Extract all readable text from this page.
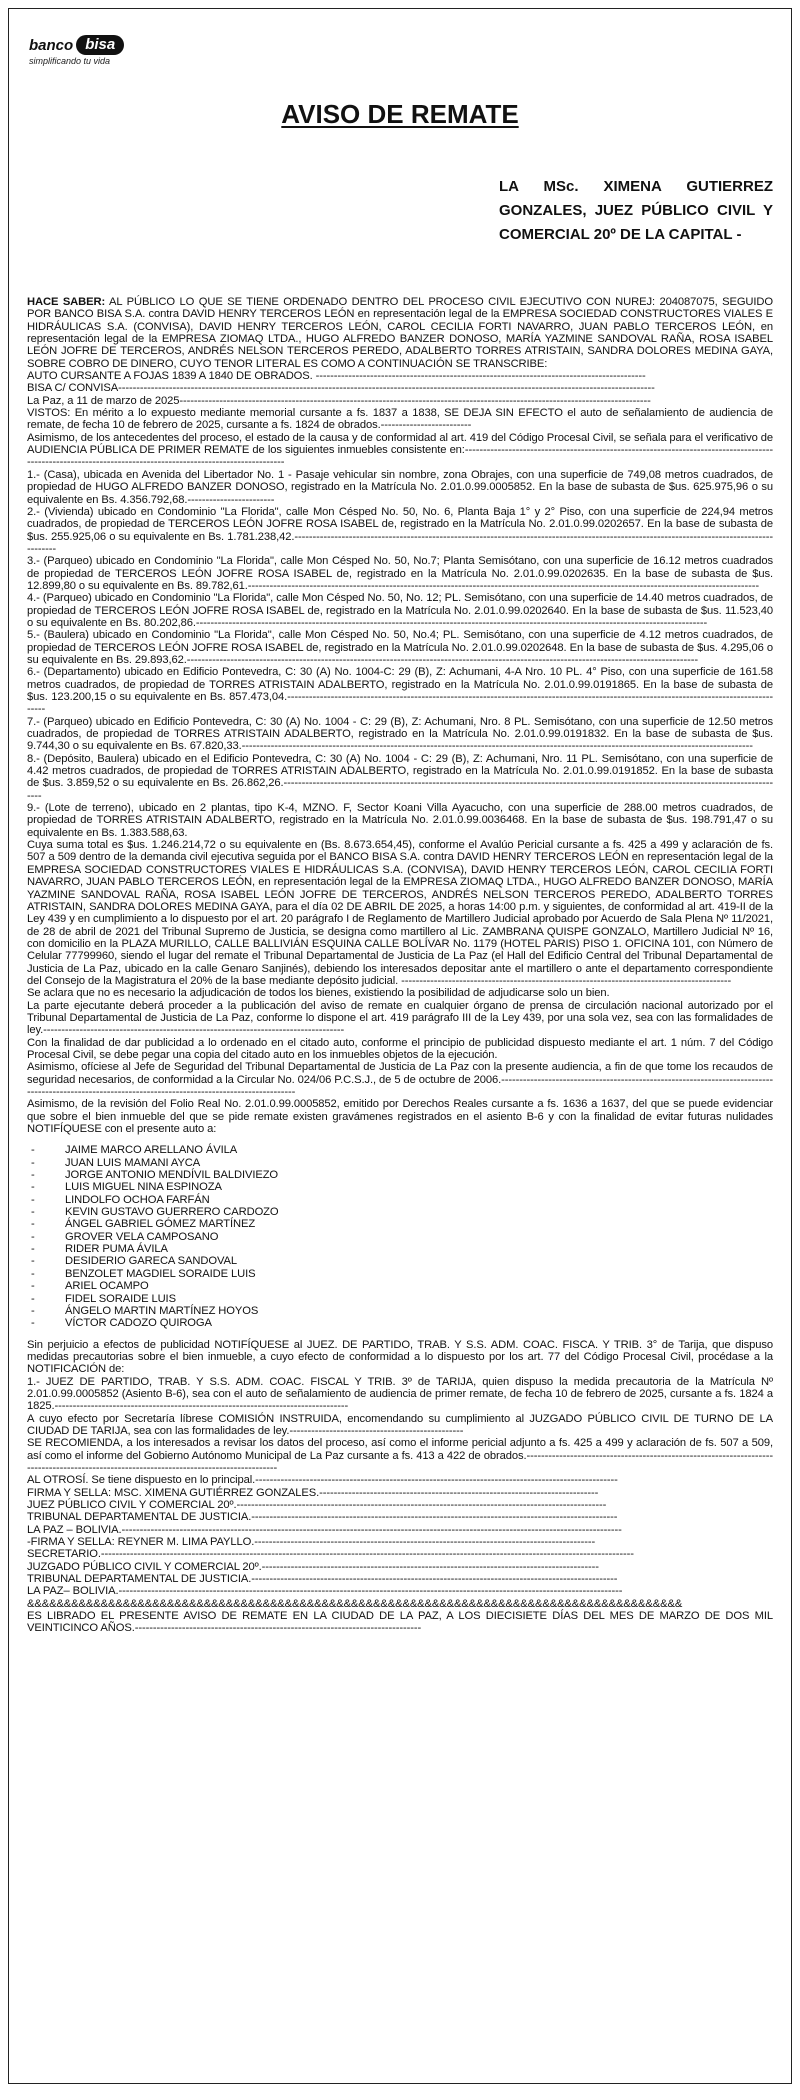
banco bisa
simplificando tu vida
AVISO DE REMATE
LA MSc. XIMENA GUTIERREZ GONZALES, JUEZ PÚBLICO CIVIL Y COMERCIAL 20º DE LA CAPITAL -

HACE SABER: AL PÚBLICO LO QUE SE TIENE ORDENADO DENTRO DEL PROCESO CIVIL EJECUTIVO CON NUREJ: 204087075, SEGUIDO POR BANCO BISA S.A. contra DAVID HENRY TERCEROS LEÓN en representación legal de la EMPRESA SOCIEDAD CONSTRUCTORES VIALES E HIDRÁULICAS S.A. (CONVISA), DAVID HENRY TERCEROS LEÓN, CAROL CECILIA FORTI NAVARRO, JUAN PABLO TERCEROS LEÓN, en representación legal de la EMPRESA ZIOMAQ LTDA., HUGO ALFREDO BANZER DONOSO, MARÍA YAZMINE SANDOVAL RAÑA, ROSA ISABEL LEÓN JOFRE DE TERCEROS, ANDRÉS NELSON TERCEROS PEREDO, ADALBERTO TORRES ATRISTAIN, SANDRA DOLORES MEDINA GAYA, SOBRE COBRO DE DINERO, CUYO TENOR LITERAL ES COMO A CONTINUACIÓN SE TRANSCRIBE:

AUTO CURSANTE A FOJAS 1839 A 1840 DE OBRADOS. -------------------------------------------------------------------------------------------

BISA C/ CONVISA----------------------------------------------------------------------------------------------------------------------------------------------------

La Paz, a 11 de marzo de 2025----------------------------------------------------------------------------------------------------------------------------------

VISTOS: En mérito a lo expuesto mediante memorial cursante a fs. 1837 a 1838, SE DEJA SIN EFECTO el auto de señalamiento de audiencia de remate, de fecha 10 de febrero de 2025, cursante a fs. 1824 de obrados.-------------------------

Asimismo, de los antecedentes del proceso, el estado de la causa y de conformidad al art. 419 del Código Procesal Civil, se señala para el verificativo de AUDIENCIA PÚBLICA DE PRIMER REMATE de los siguientes inmuebles consistente en:------------------------------------------------------------------------------------------------------------------------------------------------------------

1.- (Casa), ubicada en Avenida del Libertador No. 1 - Pasaje vehicular sin nombre, zona Obrajes, con una superficie de 749,08 metros cuadrados, de propiedad de HUGO ALFREDO BANZER DONOSO, registrado en la Matrícula No. 2.01.0.99.0005852. En la base de subasta de $us. 625.975,96 o su equivalente en Bs. 4.356.792,68.------------------------

2.- (Vivienda) ubicado en Condominio "La Florida", calle Mon Césped No. 50, No. 6, Planta Baja 1° y 2° Piso, con una superficie de 224,94 metros cuadrados, de propiedad de TERCEROS LEÓN JOFRE ROSA ISABEL de, registrado en la Matrícula No. 2.01.0.99.0202657. En la base de subasta de $us. 255.925,06 o su equivalente en Bs. 1.781.238,42.--------------------------------------------------------------------------------------------------------------------------------------------

3.- (Parqueo) ubicado en Condominio "La Florida", calle Mon Césped No. 50, No.7; Planta Semisótano, con una superficie de 16.12 metros cuadrados de propiedad de TERCEROS LEÓN JOFRE ROSA ISABEL de, registrado en la Matrícula No. 2.01.0.99.0202635. En la base de subasta de $us. 12.899,80 o su equivalente en Bs. 89.782,61.---------------------------------------------------------------------------------------------------------------------------------------------

4.- (Parqueo) ubicado en Condominio "La Florida", calle Mon Césped No. 50, No. 12; PL. Semisótano, con una superficie de 14.40 metros cuadrados, de propiedad de TERCEROS LEÓN JOFRE ROSA ISABEL de, registrado en la Matrícula No. 2.01.0.99.0202640. En la base de subasta de $us. 11.523,40 o su equivalente en Bs. 80.202,86.---------------------------------------------------------------------------------------------------------------------------------------------

5.- (Baulera) ubicado en Condominio "La Florida", calle Mon Césped No. 50, No.4; PL. Semisótano, con una superficie de 4.12 metros cuadrados, de propiedad de TERCEROS LEÓN JOFRE ROSA ISABEL de, registrado en la Matrícula No. 2.01.0.99.0202648. En la base de subasta de $us. 4.295,06 o su equivalente en Bs. 29.893,62.---------------------------------------------------------------------------------------------------------------------------------------------

6.- (Departamento) ubicado en Edificio Pontevedra, C: 30 (A) No. 1004-C: 29 (B), Z: Achumani, 4-A Nro. 10 PL. 4° Piso, con una superficie de 161.58 metros cuadrados, de propiedad de TORRES ATRISTAIN ADALBERTO, registrado en la Matrícula No. 2.01.0.99.0191865. En la base de subasta de $us. 123.200,15 o su equivalente en Bs. 857.473,04.-------------------------------------------------------------------------------------------------------------------------------------------

7.- (Parqueo) ubicado en Edificio Pontevedra, C: 30 (A) No. 1004 - C: 29 (B), Z: Achumani, Nro. 8 PL. Semisótano, con una superficie de 12.50 metros cuadrados, de propiedad de TORRES ATRISTAIN ADALBERTO, registrado en la Matrícula No. 2.01.0.99.0191832. En la base de subasta de $us. 9.744,30 o su equivalente en Bs. 67.820,33.---------------------------------------------------------------------------------------------------------------------------------------------

8.- (Depósito, Baulera) ubicado en el Edificio Pontevedra, C: 30 (A) No. 1004 - C: 29 (B), Z: Achumani, Nro. 11 PL. Semisótano, con una superficie de 4.42 metros cuadrados, de propiedad de TORRES ATRISTAIN ADALBERTO, registrado en la Matrícula No. 2.01.0.99.0191852. En la base de subasta de $us. 3.859,52 o su equivalente en Bs. 26.862,26.-------------------------------------------------------------------------------------------------------------------------------------------

9.- (Lote de terreno), ubicado en 2 plantas, tipo K-4, MZNO. F, Sector Koani Villa Ayacucho, con una superficie de 288.00 metros cuadrados, de propiedad de TORRES ATRISTAIN ADALBERTO, registrado en la Matrícula No. 2.01.0.99.0036468. En la base de subasta de $us. 198.791,47 o su equivalente en Bs. 1.383.588,63.

Cuya suma total es $us. 1.246.214,72 o su equivalente en (Bs. 8.673.654,45), conforme el Avalúo Pericial cursante a fs. 425 a 499 y aclaración de fs. 507 a 509 dentro de la demanda civil ejecutiva seguida por el BANCO BISA S.A. contra DAVID HENRY TERCEROS LEÓN en representación legal de la EMPRESA SOCIEDAD CONSTRUCTORES VIALES E HIDRÁULICAS S.A. (CONVISA), DAVID HENRY TERCEROS LEÓN, CAROL CECILIA FORTI NAVARRO, JUAN PABLO TERCEROS LEÓN, en representación legal de la EMPRESA ZIOMAQ LTDA., HUGO ALFREDO BANZER DONOSO, MARÍA YAZMINE SANDOVAL RAÑA, ROSA ISABEL LEÓN JOFRE DE TERCEROS, ANDRÉS NELSON TERCEROS PEREDO, ADALBERTO TORRES ATRISTAIN, SANDRA DOLORES MEDINA GAYA, para el día 02 DE ABRIL DE 2025, a horas 14:00 p.m. y siguientes, de conformidad al art. 419-II de la Ley 439 y en cumplimiento a lo dispuesto por el art. 20 parágrafo I de Reglamento de Martillero Judicial aprobado por Acuerdo de Sala Plena Nº 11/2021, de 28 de abril de 2021 del Tribunal Supremo de Justicia, se designa como martillero al Lic. ZAMBRANA QUISPE GONZALO, Martillero Judicial Nº 16, con domicilio en la PLAZA MURILLO, CALLE BALLIVIÁN ESQUINA CALLE BOLÍVAR No. 1179 (HOTEL PARIS) PISO 1. OFICINA 101, con Número de Celular 77799960, siendo el lugar del remate el Tribunal Departamental de Justicia de La Paz (el Hall del Edificio Central del Tribunal Departamental de Justicia de La Paz, ubicado en la calle Genaro Sanjinés), debiendo los interesados depositar ante el martillero o ante el departamento correspondiente del Consejo de la Magistratura el 20% de la base mediante depósito judicial. -------------------------------------------------------------------------------------------

Se aclara que no es necesario la adjudicación de todos los bienes, existiendo la posibilidad de adjudicarse solo un bien.

La parte ejecutante deberá proceder a la publicación del aviso de remate en cualquier órgano de prensa de circulación nacional autorizado por el Tribunal Departamental de Justicia de La Paz, conforme lo dispone el art. 419 parágrafo III de la Ley 439, por una sola vez, sea con las formalidades de ley.-----------------------------------------------------------------------------------

Con la finalidad de dar publicidad a lo ordenado en el citado auto, conforme el principio de publicidad dispuesto mediante el art. 1 núm. 7 del Código Procesal Civil, se debe pegar una copia del citado auto en los inmuebles objetos de la ejecución.

Asimismo, ofíciese al Jefe de Seguridad del Tribunal Departamental de Justicia de La Paz con la presente audiencia, a fin de que tome los recaudos de seguridad necesarios, de conformidad a la Circular No. 024/06 P.C.S.J., de 5 de octubre de 2006.-----------------------------------------------------------------------------------------------------------------------------------------------------

Asimismo, de la revisión del Folio Real No. 2.01.0.99.0005852, emitido por Derechos Reales cursante a fs. 1636 a 1637, del que se puede evidenciar que sobre el bien inmueble del que se pide remate existen gravámenes registrados en el asiento B-6 y con la finalidad de evitar futuras nulidades NOTIFÍQUESE con el presente auto a:

- JAIME MARCO ARELLANO ÁVILA
- JUAN LUIS MAMANI AYCA
- JORGE ANTONIO MENDÍVIL BALDIVIEZO
- LUIS MIGUEL NINA ESPINOZA
- LINDOLFO OCHOA FARFÁN
- KEVIN GUSTAVO GUERRERO CARDOZO
- ÁNGEL GABRIEL GÓMEZ MARTÍNEZ
- GROVER VELA CAMPOSANO
- RIDER PUMA ÁVILA
- DESIDERIO GARECA SANDOVAL
- BENZOLET MAGDIEL SORAIDE LUIS
- ARIEL OCAMPO
- FIDEL SORAIDE LUIS
- ÁNGELO MARTIN MARTÍNEZ HOYOS
- VÍCTOR CADOZO QUIROGA

Sin perjuicio a efectos de publicidad NOTIFÍQUESE al JUEZ. DE PARTIDO, TRAB. Y S.S. ADM. COAC. FISCA. Y TRIB. 3° de Tarija, que dispuso medidas precautorias sobre el bien inmueble, a cuyo efecto de conformidad a lo dispuesto por los art. 77 del Código Procesal Civil, procédase a la NOTIFICACIÓN de:

1.- JUEZ DE PARTIDO, TRAB. Y S.S. ADM. COAC. FISCAL Y TRIB. 3º de TARIJA, quien dispuso la medida precautoria de la Matrícula Nº 2.01.0.99.0005852 (Asiento B-6), sea con el auto de señalamiento de audiencia de primer remate, de fecha 10 de febrero de 2025, cursante a fs. 1824 a 1825.---------------------------------------------------------------------------------

A cuyo efecto por Secretaría líbrese COMISIÓN INSTRUIDA, encomendando su cumplimiento al JUZGADO PÚBLICO CIVIL DE TURNO DE LA CIUDAD DE TARIJA, sea con las formalidades de ley.------------------------------------------------

SE RECOMIENDA, a los interesados a revisar los datos del proceso, así como el informe pericial adjunto a fs. 425 a 499 y aclaración de fs. 507 a 509, así como el informe del Gobierno Autónomo Municipal de La Paz cursante a fs. 413 a 422 de obrados.-----------------------------------------------------------------------------------------------------------------------------------------

AL OTROSÍ. Se tiene dispuesto en lo principal.----------------------------------------------------------------------------------------------------

FIRMA Y SELLA: MSC. XIMENA GUTIÉRREZ GONZALES.-----------------------------------------------------------------------------

JUEZ PÚBLICO CIVIL Y COMERCIAL 20º.------------------------------------------------------------------------------------------------------

TRIBUNAL DEPARTAMENTAL DE JUSTICIA.-----------------------------------------------------------------------------------------------------

LA PAZ – BOLIVIA.------------------------------------------------------------------------------------------------------------------------------------------

-FIRMA Y SELLA: REYNER M. LIMA PAYLLO.----------------------------------------------------------------------------------------------

SECRETARIO.---------------------------------------------------------------------------------------------------------------------------------------------------

JUZGADO PÚBLICO CIVIL Y COMERCIAL 20º.---------------------------------------------------------------------------------------------

TRIBUNAL DEPARTAMENTAL DE JUSTICIA.-----------------------------------------------------------------------------------------------------

LA PAZ– BOLIVIA.-------------------------------------------------------------------------------------------------------------------------------------------

&&&&&&&&&&&&&&&&&&&&&&&&&&&&&&&&&&&&&&&&&&&&&&&&&&&&&&&&&&&&&&&&&&&&&&&&&&&&&&&&&&&&&&&&&

ES LIBRADO EL PRESENTE AVISO DE REMATE EN LA CIUDAD DE LA PAZ, A LOS DIECISIETE DÍAS DEL MES DE MARZO DE DOS MIL VEINTICINCO AÑOS.-------------------------------------------------------------------------------
